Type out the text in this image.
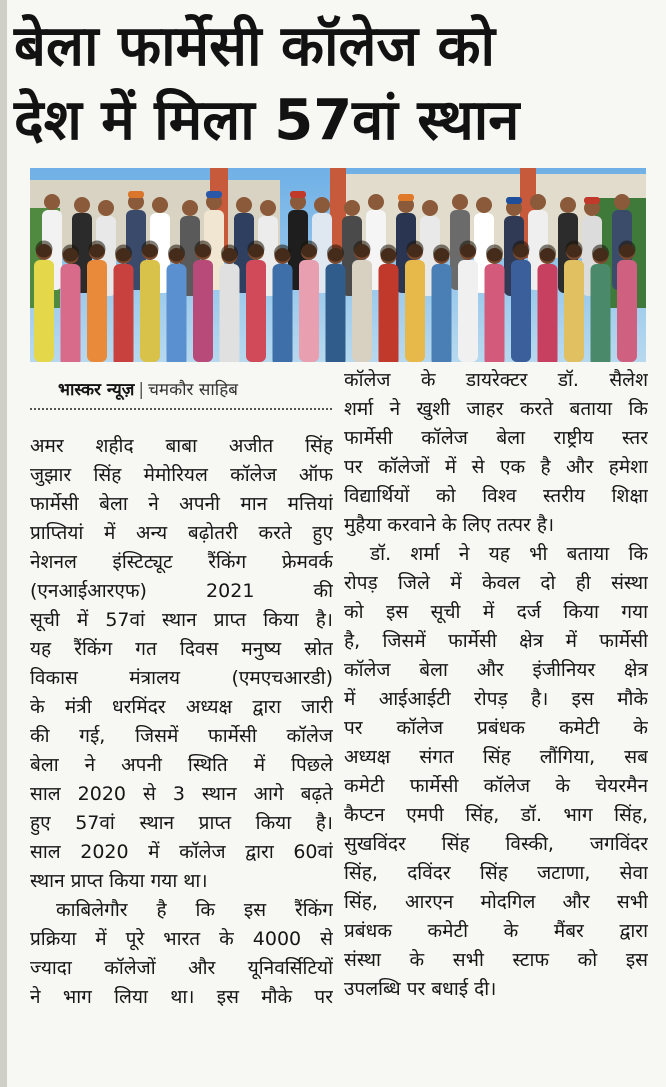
बेला फार्मेसी कॉलेज को
देश में मिला 57वां स्थान
भास्कर न्यूज़ | चमकौर साहिब
अमर शहीद बाबा अजीत सिंह
जुझार सिंह मेमोरियल कॉलेज ऑफ
फार्मेसी बेला ने अपनी मान मत्तियां
प्राप्तियां में अन्य बढ़ोतरी करते हुए
नेशनल इंस्टिट्यूट रैंकिंग फ्रेमवर्क
(एनआईआरएफ) 2021 की
सूची में 57वां स्थान प्राप्त किया है।
यह रैंकिंग गत दिवस मनुष्य स्रोत
विकास मंत्रालय (एमएचआरडी)
के मंत्री धरमिंदर अध्यक्ष द्वारा जारी
की गई, जिसमें फार्मेसी कॉलेज
बेला ने अपनी स्थिति में पिछले
साल 2020 से 3 स्थान आगे बढ़ते
हुए 57वां स्थान प्राप्त किया है।
साल 2020 में कॉलेज द्वारा 60वां
स्थान प्राप्त किया गया था।
काबिलेगौर है कि इस रैंकिंग
प्रक्रिया में पूरे भारत के 4000 से
ज्यादा कॉलेजों और यूनिवर्सिटियों
ने भाग लिया था। इस मौके पर
कॉलेज के डायरेक्टर डॉ. सैलेश
शर्मा ने खुशी जाहर करते बताया कि
फार्मेसी कॉलेज बेला राष्ट्रीय स्तर
पर कॉलेजों में से एक है और हमेशा
विद्यार्थियों को विश्व स्तरीय शिक्षा
मुहैया करवाने के लिए तत्पर है।
डॉ. शर्मा ने यह भी बताया कि
रोपड़ जिले में केवल दो ही संस्था
को इस सूची में दर्ज किया गया
है, जिसमें फार्मेसी क्षेत्र में फार्मेसी
कॉलेज बेला और इंजीनियर क्षेत्र
में आईआईटी रोपड़ है। इस मौके
पर कॉलेज प्रबंधक कमेटी के
अध्यक्ष संगत सिंह लौंगिया, सब
कमेटी फार्मेसी कॉलेज के चेयरमैन
कैप्टन एमपी सिंह, डॉ. भाग सिंह,
सुखविंदर सिंह विस्की, जगविंदर
सिंह, दविंदर सिंह जटाणा, सेवा
सिंह, आरएन मोदगिल और सभी
प्रबंधक कमेटी के मैंबर द्वारा
संस्था के सभी स्टाफ को इस
उपलब्धि पर बधाई दी।
